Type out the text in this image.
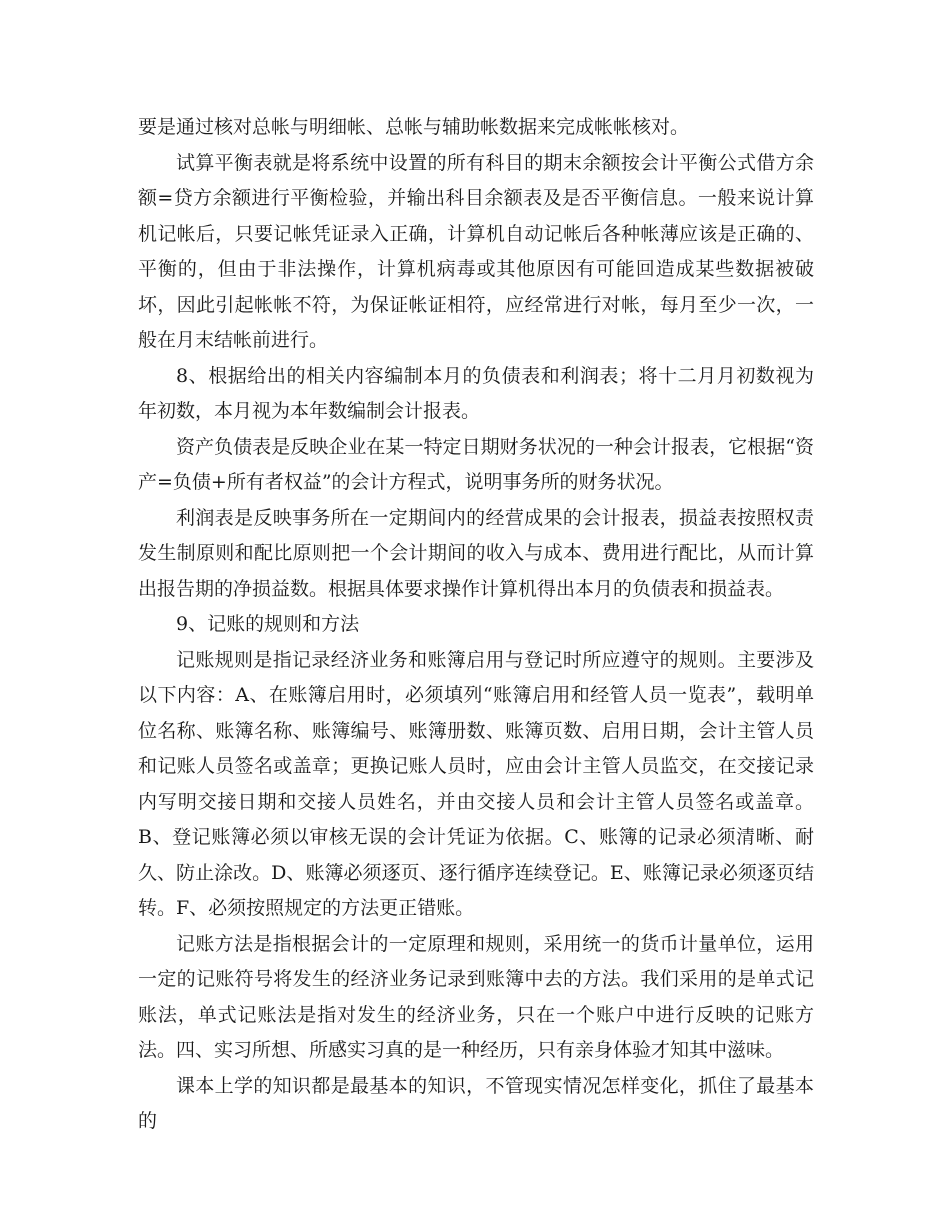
要是通过核对总帐与明细帐、总帐与辅助帐数据来完成帐帐核对。

试算平衡表就是将系统中设置的所有科目的期末余额按会计平衡公式借方余额=贷方余额进行平衡检验，并输出科目余额表及是否平衡信息。一般来说计算机记帐后，只要记帐凭证录入正确，计算机自动记帐后各种帐薄应该是正确的、平衡的，但由于非法操作，计算机病毒或其他原因有可能回造成某些数据被破坏，因此引起帐帐不符，为保证帐证相符，应经常进行对帐，每月至少一次，一般在月末结帐前进行。

8、根据给出的相关内容编制本月的负债表和利润表；将十二月月初数视为年初数，本月视为本年数编制会计报表。

资产负债表是反映企业在某一特定日期财务状况的一种会计报表，它根据“资产=负债+所有者权益”的会计方程式，说明事务所的财务状况。

利润表是反映事务所在一定期间内的经营成果的会计报表，损益表按照权责发生制原则和配比原则把一个会计期间的收入与成本、费用进行配比，从而计算出报告期的净损益数。根据具体要求操作计算机得出本月的负债表和损益表。

9、记账的规则和方法

记账规则是指记录经济业务和账簿启用与登记时所应遵守的规则。主要涉及以下内容：A、在账簿启用时，必须填列“账簿启用和经管人员一览表”，载明单位名称、账簿名称、账簿编号、账簿册数、账簿页数、启用日期，会计主管人员和记账人员签名或盖章；更换记账人员时，应由会计主管人员监交，在交接记录内写明交接日期和交接人员姓名，并由交接人员和会计主管人员签名或盖章。B、登记账簿必须以审核无误的会计凭证为依据。C、账簿的记录必须清晰、耐久、防止涂改。D、账簿必须逐页、逐行循序连续登记。E、账簿记录必须逐页结转。F、必须按照规定的方法更正错账。

记账方法是指根据会计的一定原理和规则，采用统一的货币计量单位，运用一定的记账符号将发生的经济业务记录到账簿中去的方法。我们采用的是单式记账法，单式记账法是指对发生的经济业务，只在一个账户中进行反映的记账方法。四、实习所想、所感实习真的是一种经历，只有亲身体验才知其中滋味。

课本上学的知识都是最基本的知识，不管现实情况怎样变化，抓住了最基本的
